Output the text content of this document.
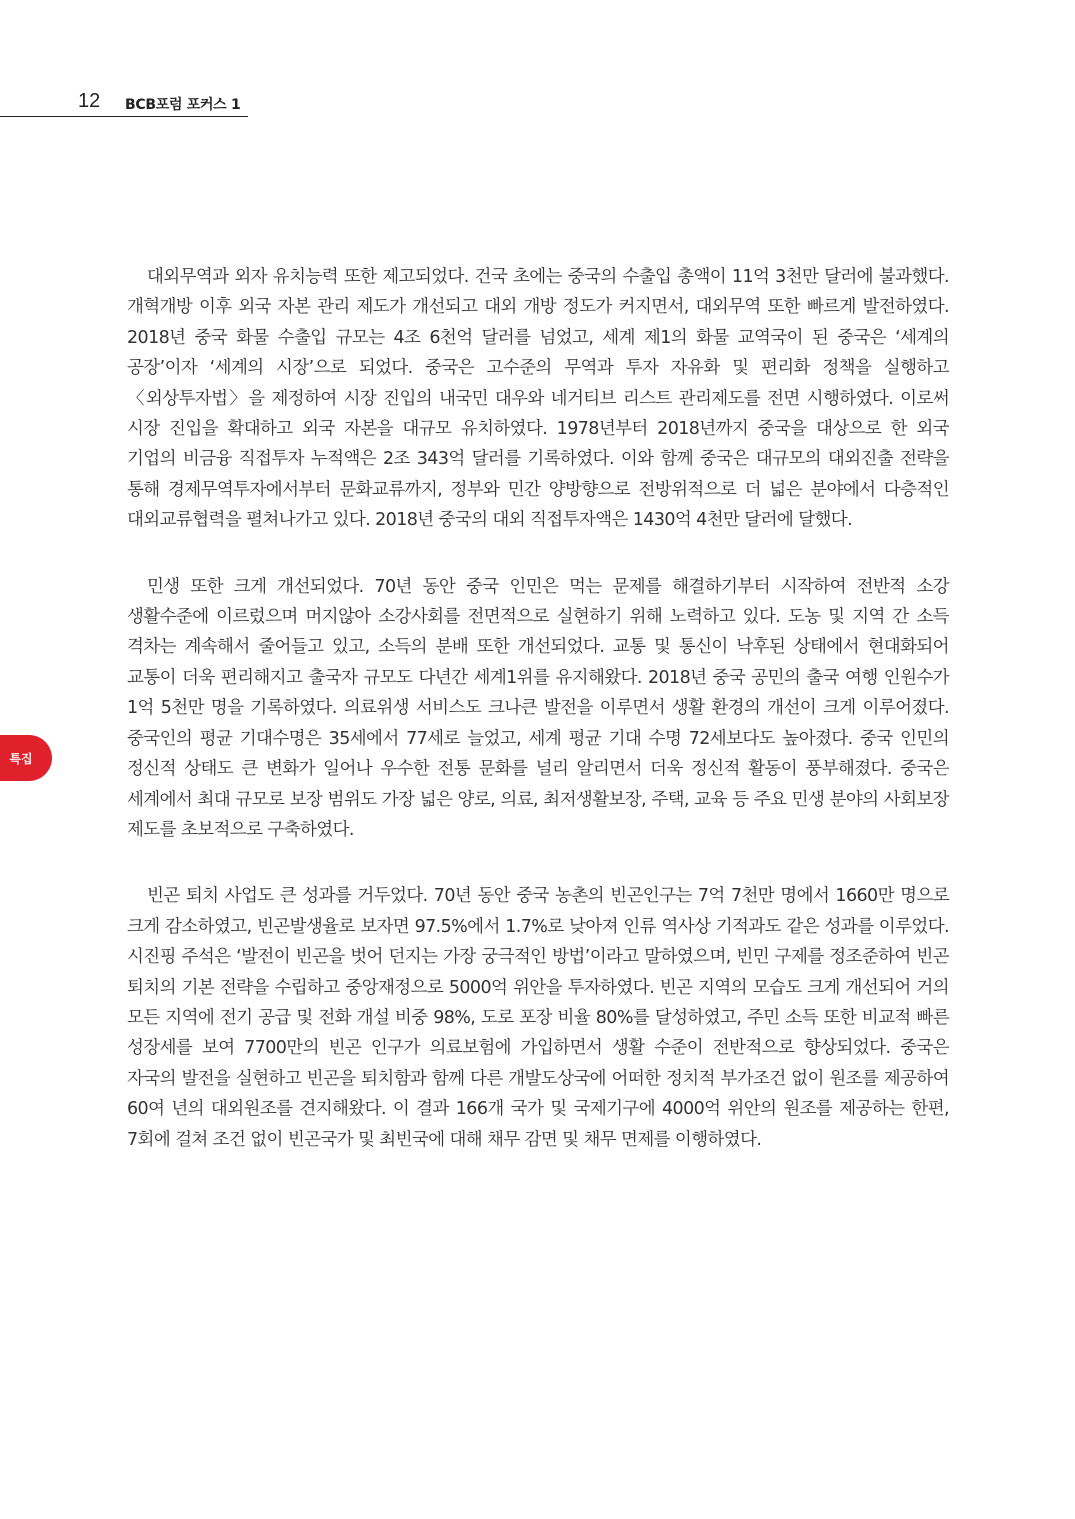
12 BCB포럼 포커스 1
특집

대외무역과 외자 유치능력 또한 제고되었다. 건국 초에는 중국의 수출입 총액이 11억 3천만 달러에 불과했다. 개혁개방 이후 외국 자본 관리 제도가 개선되고 대외 개방 정도가 커지면서, 대외무역 또한 빠르게 발전하였다. 2018년 중국 화물 수출입 규모는 4조 6천억 달러를 넘었고, 세계 제1의 화물 교역국이 된 중국은 ‘세계의 공장’이자 ‘세계의 시장’으로 되었다. 중국은 고수준의 무역과 투자 자유화 및 편리화 정책을 실행하고 〈외상투자법〉을 제정하여 시장 진입의 내국민 대우와 네거티브 리스트 관리제도를 전면 시행하였다. 이로써 시장 진입을 확대하고 외국 자본을 대규모 유치하였다. 1978년부터 2018년까지 중국을 대상으로 한 외국 기업의 비금융 직접투자 누적액은 2조 343억 달러를 기록하였다. 이와 함께 중국은 대규모의 대외진출 전략을 통해 경제무역투자에서부터 문화교류까지, 정부와 민간 양방향으로 전방위적으로 더 넓은 분야에서 다층적인 대외교류협력을 펼쳐나가고 있다. 2018년 중국의 대외 직접투자액은 1430억 4천만 달러에 달했다.

민생 또한 크게 개선되었다. 70년 동안 중국 인민은 먹는 문제를 해결하기부터 시작하여 전반적 소강 생활수준에 이르렀으며 머지않아 소강사회를 전면적으로 실현하기 위해 노력하고 있다. 도농 및 지역 간 소득 격차는 계속해서 줄어들고 있고, 소득의 분배 또한 개선되었다. 교통 및 통신이 낙후된 상태에서 현대화되어 교통이 더욱 편리해지고 출국자 규모도 다년간 세계1위를 유지해왔다. 2018년 중국 공민의 출국 여행 인원수가 1억 5천만 명을 기록하였다. 의료위생 서비스도 크나큰 발전을 이루면서 생활 환경의 개선이 크게 이루어졌다. 중국인의 평균 기대수명은 35세에서 77세로 늘었고, 세계 평균 기대 수명 72세보다도 높아졌다. 중국 인민의 정신적 상태도 큰 변화가 일어나 우수한 전통 문화를 널리 알리면서 더욱 정신적 활동이 풍부해졌다. 중국은 세계에서 최대 규모로 보장 범위도 가장 넓은 양로, 의료, 최저생활보장, 주택, 교육 등 주요 민생 분야의 사회보장 제도를 초보적으로 구축하였다.

빈곤 퇴치 사업도 큰 성과를 거두었다. 70년 동안 중국 농촌의 빈곤인구는 7억 7천만 명에서 1660만 명으로 크게 감소하였고, 빈곤발생율로 보자면 97.5%에서 1.7%로 낮아져 인류 역사상 기적과도 같은 성과를 이루었다. 시진핑 주석은 ‘발전이 빈곤을 벗어 던지는 가장 궁극적인 방법’이라고 말하였으며, 빈민 구제를 정조준하여 빈곤 퇴치의 기본 전략을 수립하고 중앙재정으로 5000억 위안을 투자하였다. 빈곤 지역의 모습도 크게 개선되어 거의 모든 지역에 전기 공급 및 전화 개설 비중 98%, 도로 포장 비율 80%를 달성하였고, 주민 소득 또한 비교적 빠른 성장세를 보여 7700만의 빈곤 인구가 의료보험에 가입하면서 생활 수준이 전반적으로 향상되었다. 중국은 자국의 발전을 실현하고 빈곤을 퇴치함과 함께 다른 개발도상국에 어떠한 정치적 부가조건 없이 원조를 제공하여 60여 년의 대외원조를 견지해왔다. 이 결과 166개 국가 및 국제기구에 4000억 위안의 원조를 제공하는 한편, 7회에 걸쳐 조건 없이 빈곤국가 및 최빈국에 대해 채무 감면 및 채무 면제를 이행하였다.
